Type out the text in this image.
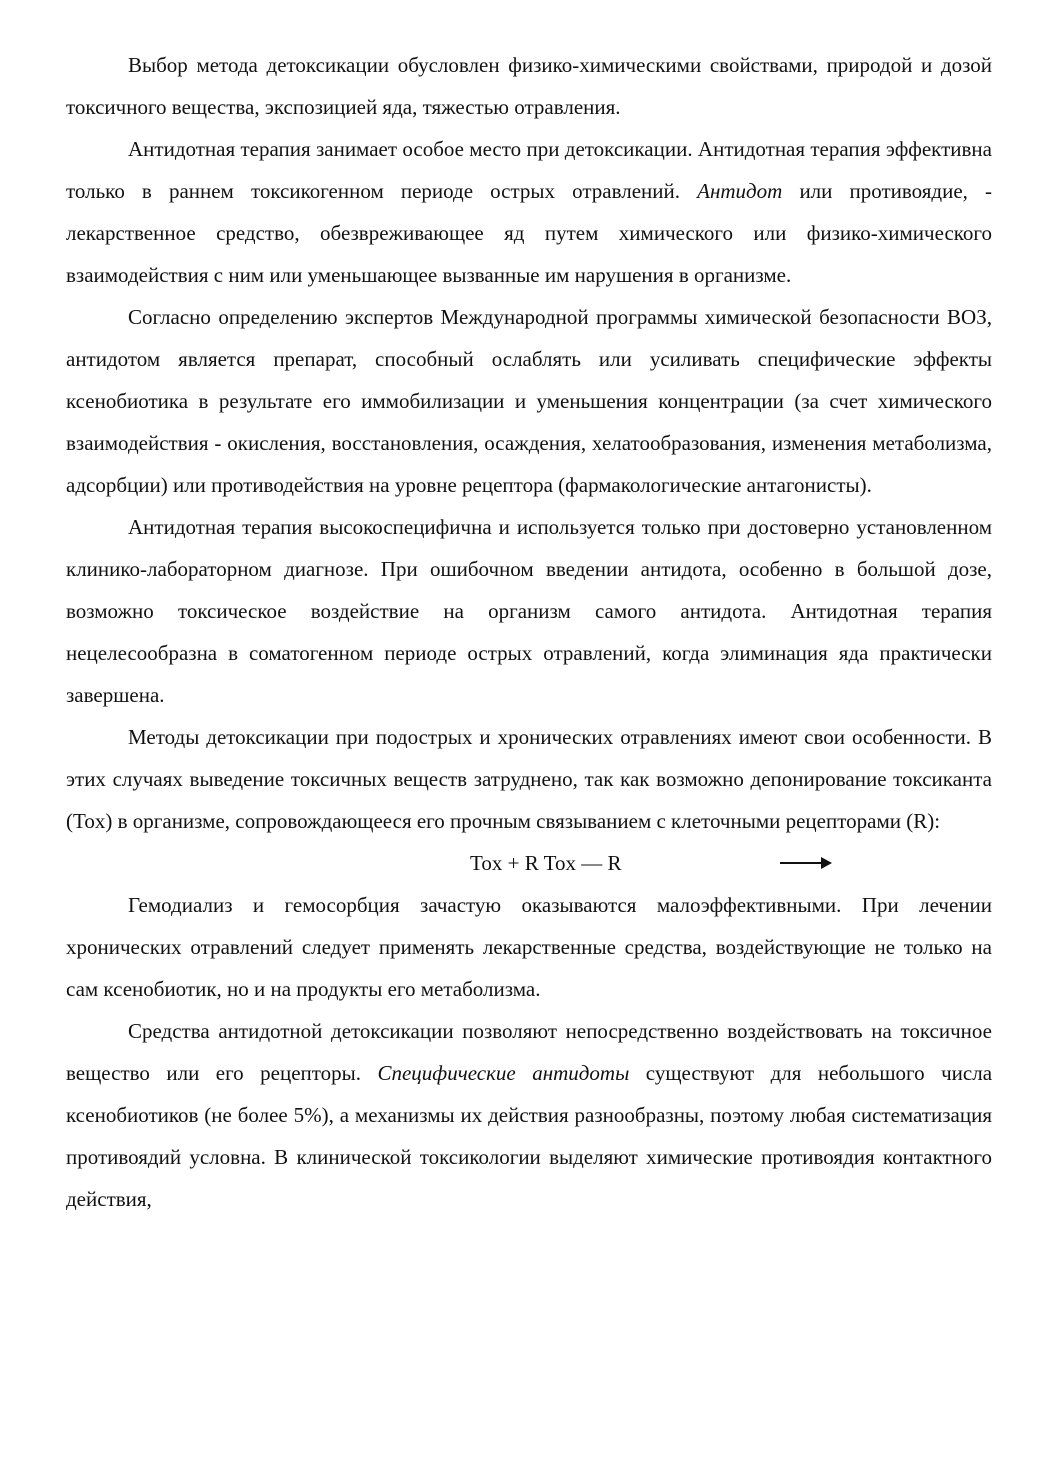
Выбор метода детоксикации обусловлен физико-химическими свойствами, природой и дозой токсичного вещества, экспозицией яда, тяжестью отравления.

Антидотная терапия занимает особое место при детоксикации. Антидотная терапия эффективна только в раннем токсикогенном периоде острых отравлений. Антидот или противоядие, - лекарственное средство, обезвреживающее яд путем химического или физико-химического взаимодействия с ним или уменьшающее вызванные им нарушения в организме.

Согласно определению экспертов Международной программы химической безопасности ВОЗ, антидотом является препарат, способный ослаблять или усиливать специфические эффекты ксенобиотика в результате его иммобилизации и уменьшения концентрации (за счет химического взаимодействия - окисления, восстановления, осаждения, хелатообразования, изменения метаболизма, адсорбции) или противодействия на уровне рецептора (фармакологические антагонисты).

Антидотная терапия высокоспецифична и используется только при достоверно установленном клинико-лабораторном диагнозе. При ошибочном введении антидота, особенно в большой дозе, возможно токсическое воздействие на организм самого антидота. Антидотная терапия нецелесообразна в соматогенном периоде острых отравлений, когда элиминация яда практически завершена.

Методы детоксикации при подострых и хронических отравлениях имеют свои особенности. В этих случаях выведение токсичных веществ затруднено, так как возможно депонирование токсиканта (Tox) в организме, сопровождающееся его прочным связыванием с клеточными рецепторами (R):

Tox + R Tox — R

Гемодиализ и гемосорбция зачастую оказываются малоэффективными. При лечении хронических отравлений следует применять лекарственные средства, воздействующие не только на сам ксенобиотик, но и на продукты его метаболизма.

Средства антидотной детоксикации позволяют непосредственно воздействовать на токсичное вещество или его рецепторы. Специфические антидоты существуют для небольшого числа ксенобиотиков (не более 5%), а механизмы их действия разнообразны, поэтому любая систематизация противоядий условна. В клинической токсикологии выделяют химические противоядия контактного действия,
